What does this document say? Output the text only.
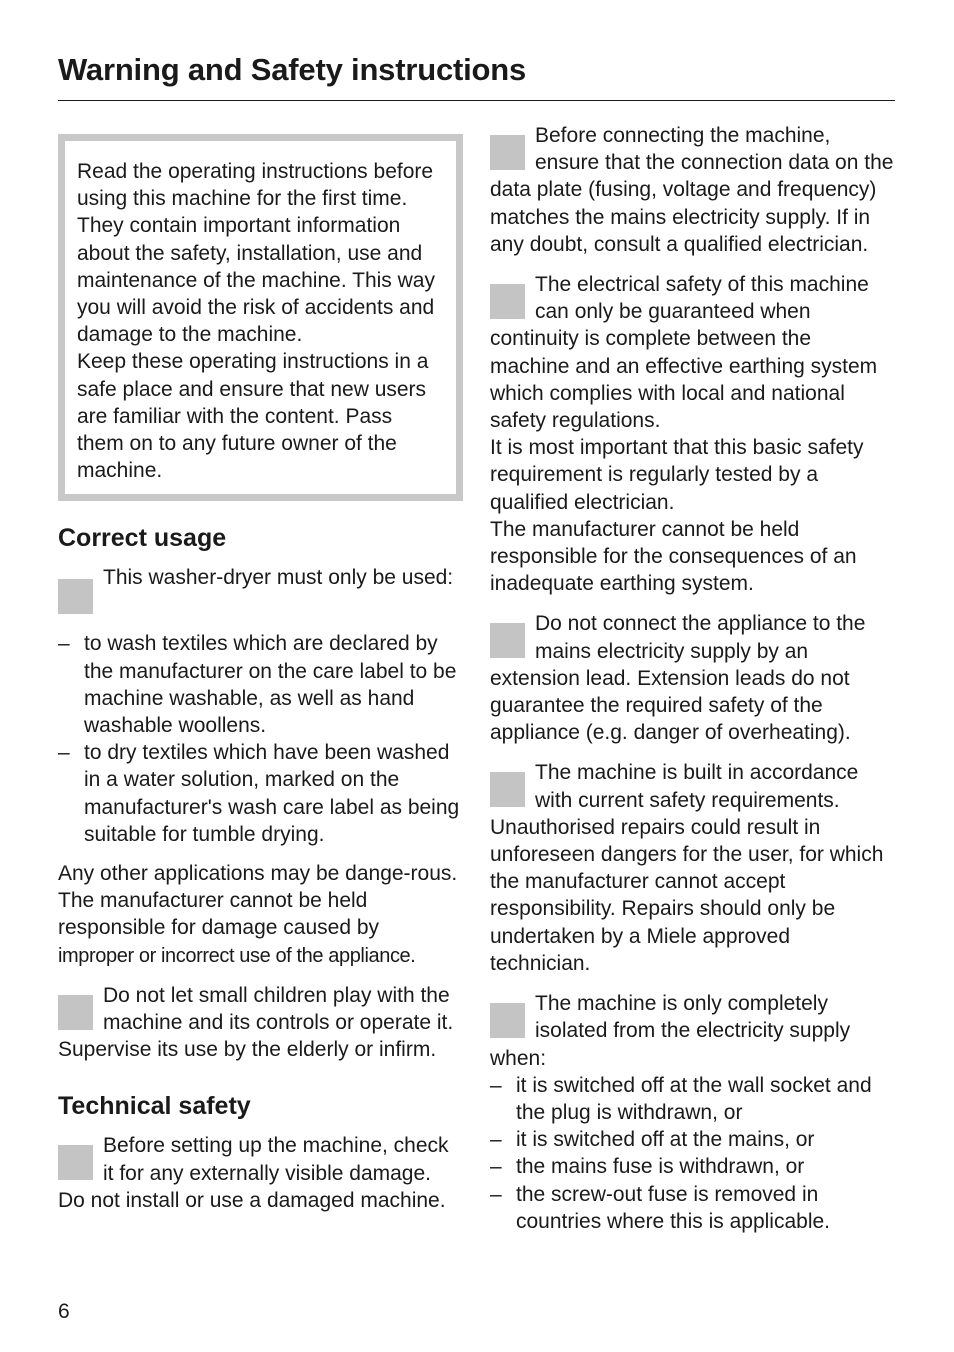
Warning and Safety instructions

Read the operating instructions before using this machine for the first time. They contain important information about the safety, installation, use and maintenance of the machine. This way you will avoid the risk of accidents and damage to the machine.

Keep these operating instructions in a safe place and ensure that new users are familiar with the content. Pass them on to any future owner of the machine.

Correct usage

This washer-dryer must only be used:

– to wash textiles which are declared by the manufacturer on the care label to be machine washable, as well as hand washable woollens.
– to dry textiles which have been washed in a water solution, marked on the manufacturer's wash care label as being suitable for tumble drying.

Any other applications may be dange-rous. The manufacturer cannot be held responsible for damage caused by
improper or incorrect use of the appliance.

Do not let small children play with the machine and its controls or operate it. Supervise its use by the elderly or infirm.

Technical safety

Before setting up the machine, check it for any externally visible damage. Do not install or use a damaged machine.

Before connecting the machine, ensure that the connection data on the data plate (fusing, voltage and frequency) matches the mains electricity supply. If in any doubt, consult a qualified electrician.

The electrical safety of this machine can only be guaranteed when continuity is complete between the machine and an effective earthing system which complies with local and national safety regulations.

It is most important that this basic safety requirement is regularly tested by a qualified electrician.

The manufacturer cannot be held responsible for the consequences of an inadequate earthing system.

Do not connect the appliance to the mains electricity supply by an extension lead. Extension leads do not guarantee the required safety of the appliance (e.g. danger of overheating).

The machine is built in accordance with current safety requirements. Unauthorised repairs could result in unforeseen dangers for the user, for which the manufacturer cannot accept responsibility. Repairs should only be undertaken by a Miele approved technician.

The machine is only completely isolated from the electricity supply when:

– it is switched off at the wall socket and the plug is withdrawn, or
– it is switched off at the mains, or
– the mains fuse is withdrawn, or
– the screw-out fuse is removed in countries where this is applicable.
6
